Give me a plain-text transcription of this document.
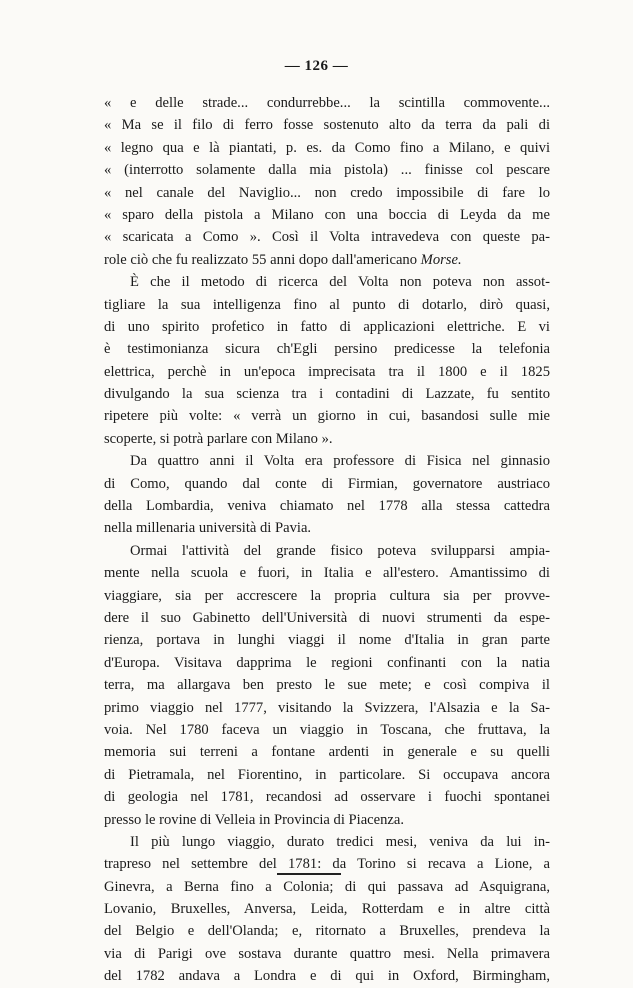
— 126 —
« e delle strade... condurrebbe... la scintilla commovente...
« Ma se il filo di ferro fosse sostenuto alto da terra da pali di
« legno qua e là piantati, p. es. da Como fino a Milano, e quivi
« (interrotto solamente dalla mia pistola) ... finisse col pescare
« nel canale del Naviglio... non credo impossibile di fare lo
« sparo della pistola a Milano con una boccia di Leyda da me
« scaricata a Como ». Così il Volta intravedeva con queste pa-
role ciò che fu realizzato 55 anni dopo dall'americano Morse.
È che il metodo di ricerca del Volta non poteva non assot-
tigliare la sua intelligenza fino al punto di dotarlo, dirò quasi,
di uno spirito profetico in fatto di applicazioni elettriche. E vi
è testimonianza sicura ch'Egli persino predicesse la telefonia
elettrica, perchè in un'epoca imprecisata tra il 1800 e il 1825
divulgando la sua scienza tra i contadini di Lazzate, fu sentito
ripetere più volte: « verrà un giorno in cui, basandosi sulle mie
scoperte, si potrà parlare con Milano ».
Da quattro anni il Volta era professore di Fisica nel ginnasio
di Como, quando dal conte di Firmian, governatore austriaco
della Lombardia, veniva chiamato nel 1778 alla stessa cattedra
nella millenaria università di Pavia.
Ormai l'attività del grande fisico poteva svilupparsi ampia-
mente nella scuola e fuori, in Italia e all'estero. Amantissimo di
viaggiare, sia per accrescere la propria cultura sia per provve-
dere il suo Gabinetto dell'Università di nuovi strumenti da espe-
rienza, portava in lunghi viaggi il nome d'Italia in gran parte
d'Europa. Visitava dapprima le regioni confinanti con la natia
terra, ma allargava ben presto le sue mete; e così compiva il
primo viaggio nel 1777, visitando la Svizzera, l'Alsazia e la Sa-
voia. Nel 1780 faceva un viaggio in Toscana, che fruttava, la
memoria sui terreni a fontane ardenti in generale e su quelli
di Pietramala, nel Fiorentino, in particolare. Si occupava ancora
di geologia nel 1781, recandosi ad osservare i fuochi spontanei
presso le rovine di Velleia in Provincia di Piacenza.
Il più lungo viaggio, durato tredici mesi, veniva da lui in-
trapreso nel settembre del 1781: da Torino si recava a Lione, a
Ginevra, a Berna fino a Colonia; di qui passava ad Asquigrana,
Lovanio, Bruxelles, Anversa, Leida, Rotterdam e in altre città
del Belgio e dell'Olanda; e, ritornato a Bruxelles, prendeva la
via di Parigi ove sostava durante quattro mesi. Nella primavera
del 1782 andava a Londra e di qui in Oxford, Birmingham,
